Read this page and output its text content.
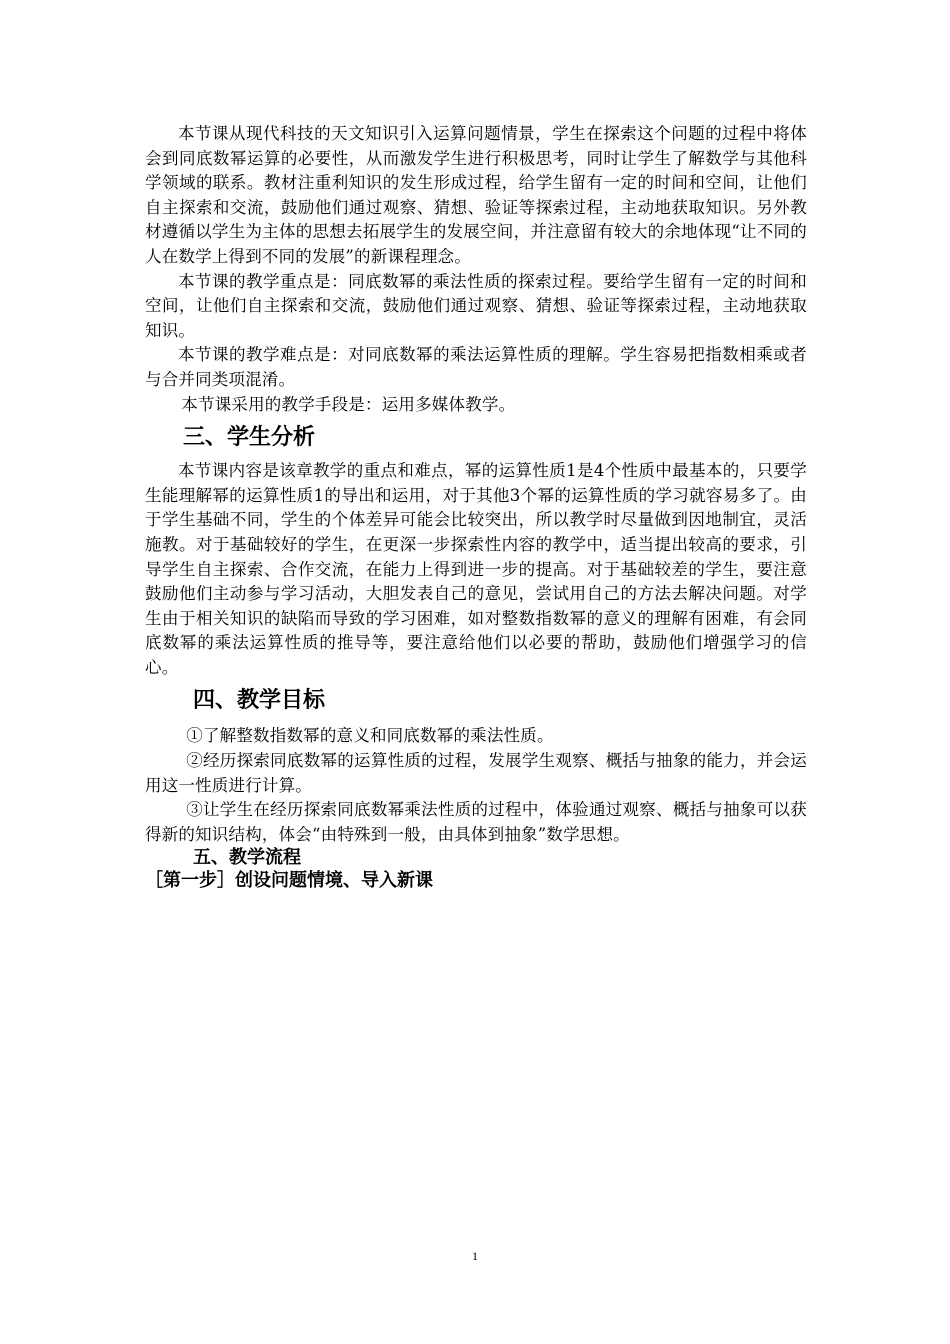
本节课从现代科技的天文知识引入运算问题情景，学生在探索这个问题的过程中将体会到同底数幂运算的必要性，从而激发学生进行积极思考，同时让学生了解数学与其他科学领域的联系。教材注重利知识的发生形成过程，给学生留有一定的时间和空间，让他们自主探索和交流，鼓励他们通过观察、猜想、验证等探索过程，主动地获取知识。另外教材遵循以学生为主体的思想去拓展学生的发展空间，并注意留有较大的余地体现“让不同的人在数学上得到不同的发展”的新课程理念。

本节课的教学重点是：同底数幂的乘法性质的探索过程。要给学生留有一定的时间和空间，让他们自主探索和交流，鼓励他们通过观察、猜想、验证等探索过程，主动地获取知识。

本节课的教学难点是：对同底数幂的乘法运算性质的理解。学生容易把指数相乘或者与合并同类项混淆。

本节课采用的教学手段是：运用多媒体教学。

三、学生分析

本节课内容是该章教学的重点和难点，幂的运算性质1是4个性质中最基本的，只要学生能理解幂的运算性质1的导出和运用，对于其他3个幂的运算性质的学习就容易多了。由于学生基础不同，学生的个体差异可能会比较突出，所以教学时尽量做到因地制宜，灵活施教。对于基础较好的学生，在更深一步探索性内容的教学中，适当提出较高的要求，引导学生自主探索、合作交流，在能力上得到进一步的提高。对于基础较差的学生，要注意鼓励他们主动参与学习活动，大胆发表自己的意见，尝试用自己的方法去解决问题。对学生由于相关知识的缺陷而导致的学习困难，如对整数指数幂的意义的理解有困难，有会同底数幂的乘法运算性质的推导等，要注意给他们以必要的帮助，鼓励他们增强学习的信心。

四、教学目标

①了解整数指数幂的意义和同底数幂的乘法性质。

②经历探索同底数幂的运算性质的过程，发展学生观察、概括与抽象的能力，并会运用这一性质进行计算。

③让学生在经历探索同底数幂乘法性质的过程中，体验通过观察、概括与抽象可以获得新的知识结构，体会“由特殊到一般，由具体到抽象”数学思想。

五、教学流程

［第一步］创设问题情境、导入新课

1
